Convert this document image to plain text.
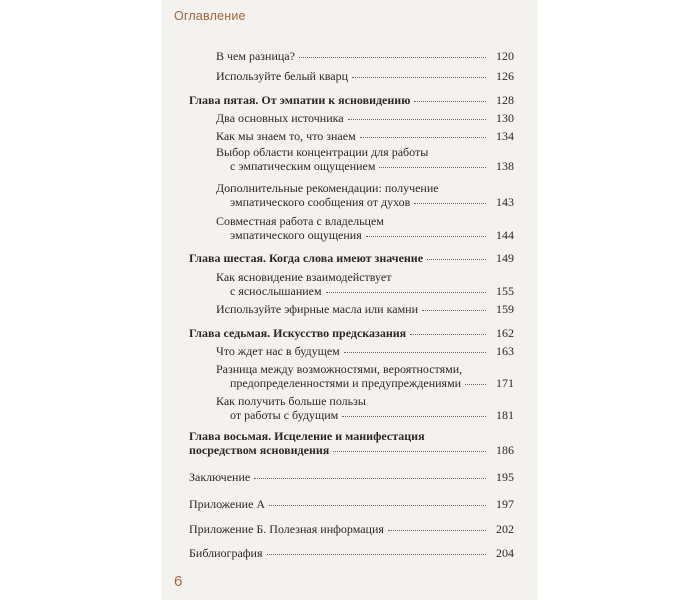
Оглавление
В чем разница?	120
Используйте белый кварц	126
Глава пятая. От эмпатии к ясновидению	128
Два основных источника	130
Как мы знаем то, что знаем	134
Выбор области концентрации для работы
с эмпатическим ощущением	138
Дополнительные рекомендации: получение
эмпатического сообщения от духов	143
Совместная работа с владельцем
эмпатического ощущения	144
Глава шестая. Когда слова имеют значение	149
Как ясновидение взаимодействует
с яснослышанием	155
Используйте эфирные масла или камни	159
Глава седьмая. Искусство предсказания	162
Что ждет нас в будущем	163
Разница между возможностями, вероятностями,
предопределенностями и предупреждениями	171
Как получить больше пользы
от работы с будущим	181
Глава восьмая. Исцеление и манифестация
посредством ясновидения	186
Заключение	195
Приложение А	197
Приложение Б. Полезная информация	202
Библиография	204
6
